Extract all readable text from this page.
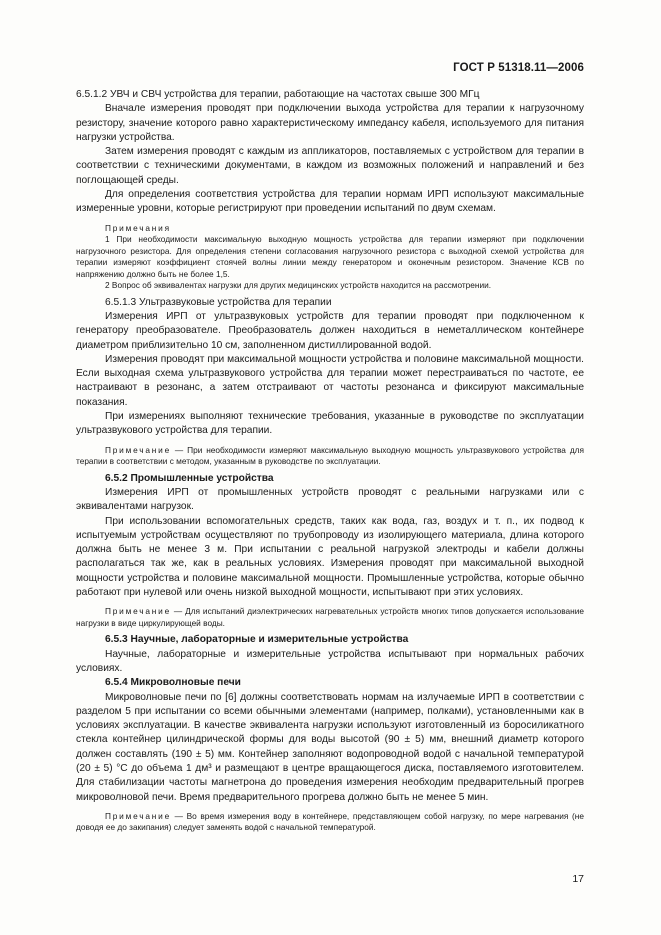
ГОСТ Р 51318.11—2006

6.5.1.2 УВЧ и СВЧ устройства для терапии, работающие на частотах свыше 300 МГц

Вначале измерения проводят при подключении выхода устройства для терапии к нагрузочному резистору, значение которого равно характеристическому импедансу кабеля, используемого для питания нагрузки устройства.

Затем измерения проводят с каждым из аппликаторов, поставляемых с устройством для терапии в соответствии с техническими документами, в каждом из возможных положений и направлений и без поглощающей среды.

Для определения соответствия устройства для терапии нормам ИРП используют максимальные измеренные уровни, которые регистрируют при проведении испытаний по двум схемам.

Примечания

1 При необходимости максимальную выходную мощность устройства для терапии измеряют при подключении нагрузочного резистора. Для определения степени согласования нагрузочного резистора с выходной схемой устройства для терапии измеряют коэффициент стоячей волны линии между генератором и оконечным резистором. Значение КСВ по напряжению должно быть не более 1,5.

2 Вопрос об эквивалентах нагрузки для других медицинских устройств находится на рассмотрении.

6.5.1.3 Ультразвуковые устройства для терапии

Измерения ИРП от ультразвуковых устройств для терапии проводят при подключенном к генератору преобразователе. Преобразователь должен находиться в неметаллическом контейнере диаметром приблизительно 10 см, заполненном дистиллированной водой.

Измерения проводят при максимальной мощности устройства и половине максимальной мощности. Если выходная схема ультразвукового устройства для терапии может перестраиваться по частоте, ее настраивают в резонанс, а затем отстраивают от частоты резонанса и фиксируют максимальные показания.

При измерениях выполняют технические требования, указанные в руководстве по эксплуатации ультразвукового устройства для терапии.

Примечание — При необходимости измеряют максимальную выходную мощность ультразвукового устройства для терапии в соответствии с методом, указанным в руководстве по эксплуатации.

6.5.2 Промышленные устройства

Измерения ИРП от промышленных устройств проводят с реальными нагрузками или с эквивалентами нагрузок.

При использовании вспомогательных средств, таких как вода, газ, воздух и т. п., их подвод к испытуемым устройствам осуществляют по трубопроводу из изолирующего материала, длина которого должна быть не менее 3 м. При испытании с реальной нагрузкой электроды и кабели должны располагаться так же, как в реальных условиях. Измерения проводят при максимальной выходной мощности устройства и половине максимальной мощности. Промышленные устройства, которые обычно работают при нулевой или очень низкой выходной мощности, испытывают при этих условиях.

Примечание — Для испытаний диэлектрических нагревательных устройств многих типов допускается использование нагрузки в виде циркулирующей воды.

6.5.3 Научные, лабораторные и измерительные устройства

Научные, лабораторные и измерительные устройства испытывают при нормальных рабочих условиях.

6.5.4 Микроволновые печи

Микроволновые печи по [6] должны соответствовать нормам на излучаемые ИРП в соответствии с разделом 5 при испытании со всеми обычными элементами (например, полками), установленными как в условиях эксплуатации. В качестве эквивалента нагрузки используют изготовленный из боросиликатного стекла контейнер цилиндрической формы для воды высотой (90 ± 5) мм, внешний диаметр которого должен составлять (190 ± 5) мм. Контейнер заполняют водопроводной водой с начальной температурой (20 ± 5) °C до объема 1 дм³ и размещают в центре вращающегося диска, поставляемого изготовителем. Для стабилизации частоты магнетрона до проведения измерения необходим предварительный прогрев микроволновой печи. Время предварительного прогрева должно быть не менее 5 мин.

Примечание — Во время измерения воду в контейнере, представляющем собой нагрузку, по мере нагревания (не доводя ее до закипания) следует заменять водой с начальной температурой.

17
